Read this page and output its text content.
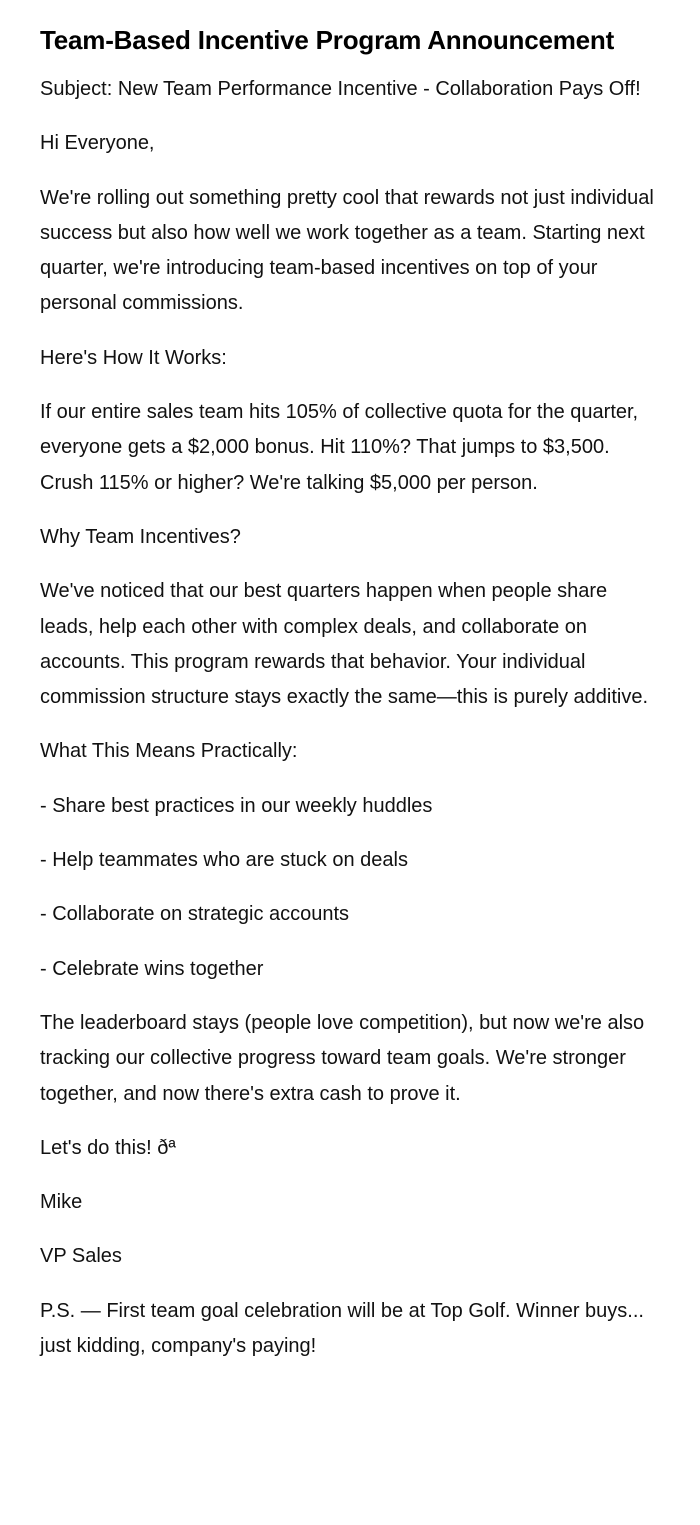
Team-Based Incentive Program Announcement

Subject: New Team Performance Incentive - Collaboration Pays Off!

Hi Everyone,

We're rolling out something pretty cool that rewards not just individual success but also how well we work together as a team. Starting next quarter, we're introducing team-based incentives on top of your personal commissions.

Here's How It Works:

If our entire sales team hits 105% of collective quota for the quarter, everyone gets a $2,000 bonus. Hit 110%? That jumps to $3,500. Crush 115% or higher? We're talking $5,000 per person.

Why Team Incentives?

We've noticed that our best quarters happen when people share leads, help each other with complex deals, and collaborate on accounts. This program rewards that behavior. Your individual commission structure stays exactly the same—this is purely additive.

What This Means Practically:

- Share best practices in our weekly huddles

- Help teammates who are stuck on deals

- Collaborate on strategic accounts

- Celebrate wins together

The leaderboard stays (people love competition), but now we're also tracking our collective progress toward team goals. We're stronger together, and now there's extra cash to prove it.

Let's do this! ðª

Mike

VP Sales

P.S. — First team goal celebration will be at Top Golf. Winner buys... just kidding, company's paying!
